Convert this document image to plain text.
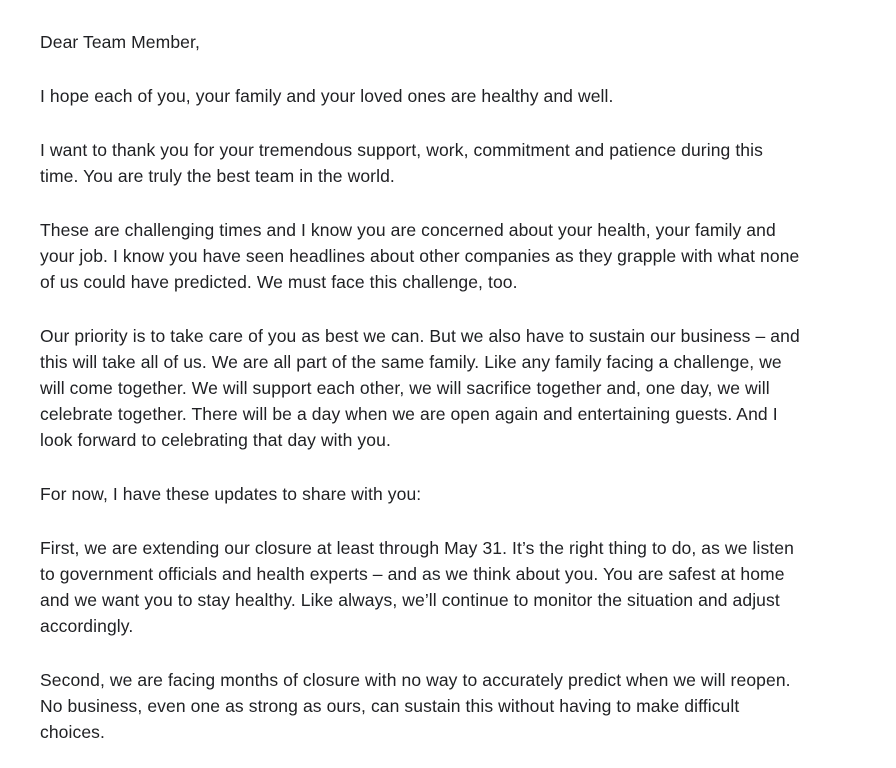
Dear Team Member,
I hope each of you, your family and your loved ones are healthy and well.
I want to thank you for your tremendous support, work, commitment and patience during this
time. You are truly the best team in the world.
These are challenging times and I know you are concerned about your health, your family and
your job. I know you have seen headlines about other companies as they grapple with what none
of us could have predicted. We must face this challenge, too.
Our priority is to take care of you as best we can. But we also have to sustain our business – and
this will take all of us. We are all part of the same family. Like any family facing a challenge, we
will come together. We will support each other, we will sacrifice together and, one day, we will
celebrate together. There will be a day when we are open again and entertaining guests. And I
look forward to celebrating that day with you.
For now, I have these updates to share with you:
First, we are extending our closure at least through May 31. It’s the right thing to do, as we listen
to government officials and health experts – and as we think about you. You are safest at home
and we want you to stay healthy. Like always, we’ll continue to monitor the situation and adjust
accordingly.
Second, we are facing months of closure with no way to accurately predict when we will reopen.
No business, even one as strong as ours, can sustain this without having to make difficult
choices.
